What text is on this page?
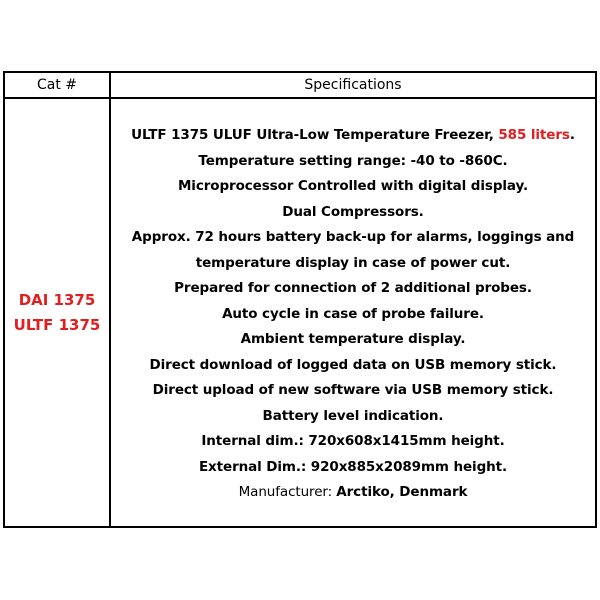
Cat #	Specifications
DAI 1375
ULTF 1375
ULTF 1375 ULUF Ultra-Low Temperature Freezer, 585 liters.
Temperature setting range: -40 to -860C.
Microprocessor Controlled with digital display.
Dual Compressors.
Approx. 72 hours battery back-up for alarms, loggings and
temperature display in case of power cut.
Prepared for connection of 2 additional probes.
Auto cycle in case of probe failure.
Ambient temperature display.
Direct download of logged data on USB memory stick.
Direct upload of new software via USB memory stick.
Battery level indication.
Internal dim.: 720x608x1415mm height.
External Dim.: 920x885x2089mm height.
Manufacturer: Arctiko, Denmark
